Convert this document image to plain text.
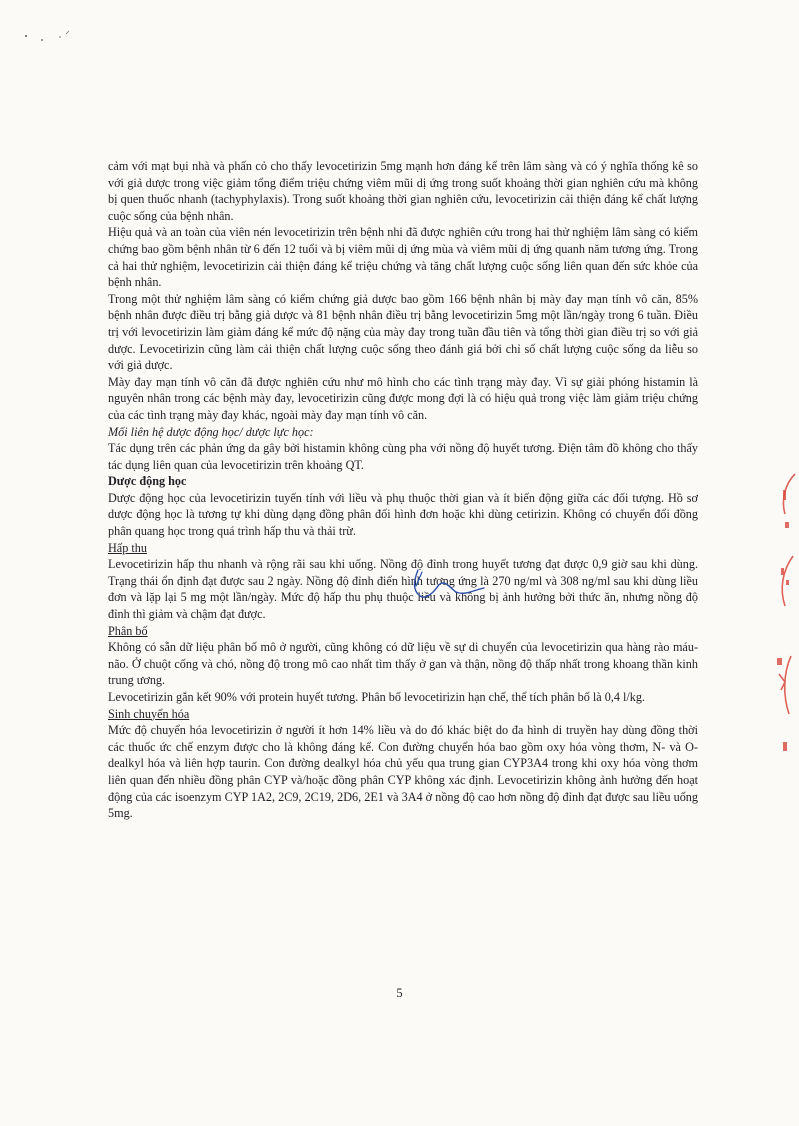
cảm với mạt bụi nhà và phấn cỏ cho thấy levocetirizin 5mg mạnh hơn đáng kể trên lâm sàng và có ý nghĩa thống kê so với giả dược trong việc giảm tổng điểm triệu chứng viêm mũi dị ứng trong suốt khoảng thời gian nghiên cứu mà không bị quen thuốc nhanh (tachyphylaxis). Trong suốt khoảng thời gian nghiên cứu, levocetirizin cải thiện đáng kể chất lượng cuộc sống của bệnh nhân.

Hiệu quả và an toàn của viên nén levocetirizin trên bệnh nhi đã được nghiên cứu trong hai thử nghiệm lâm sàng có kiểm chứng bao gồm bệnh nhân từ 6 đến 12 tuổi và bị viêm mũi dị ứng mùa và viêm mũi dị ứng quanh năm tương ứng. Trong cả hai thử nghiệm, levocetirizin cải thiện đáng kể triệu chứng và tăng chất lượng cuộc sống liên quan đến sức khỏe của bệnh nhân.

Trong một thử nghiệm lâm sàng có kiểm chứng giả dược bao gồm 166 bệnh nhân bị mày đay mạn tính vô căn, 85% bệnh nhân được điều trị bằng giả dược và 81 bệnh nhân điều trị bằng levocetirizin 5mg một lần/ngày trong 6 tuần. Điều trị với levocetirizin làm giảm đáng kể mức độ nặng của mày đay trong tuần đầu tiên và tổng thời gian điều trị so với giả dược. Levocetirizin cũng làm cải thiện chất lượng cuộc sống theo đánh giá bởi chỉ số chất lượng cuộc sống da liễu so với giả dược.

Mày đay mạn tính vô căn đã được nghiên cứu như mô hình cho các tình trạng mày đay. Vì sự giải phóng histamin là nguyên nhân trong các bệnh mày đay, levocetirizin cũng được mong đợi là có hiệu quả trong việc làm giảm triệu chứng của các tình trạng mày đay khác, ngoài mày đay mạn tính vô căn.

Mối liên hệ dược động học/ dược lực học:

Tác dụng trên các phản ứng da gây bởi histamin không cùng pha với nồng độ huyết tương. Điện tâm đồ không cho thấy tác dụng liên quan của levocetirizin trên khoảng QT.

Dược động học

Dược động học của levocetirizin tuyến tính với liều và phụ thuộc thời gian và ít biến động giữa các đối tượng. Hồ sơ dược động học là tương tự khi dùng dạng đồng phân đối hình đơn hoặc khi dùng cetirizin. Không có chuyển đổi đồng phân quang học trong quá trình hấp thu và thải trừ.

Hấp thu

Levocetirizin hấp thu nhanh và rộng rãi sau khi uống. Nồng độ đỉnh trong huyết tương đạt được 0,9 giờ sau khi dùng. Trạng thái ổn định đạt được sau 2 ngày. Nồng độ đỉnh điển hình tương ứng là 270 ng/ml và 308 ng/ml sau khi dùng liều đơn và lặp lại 5 mg một lần/ngày. Mức độ hấp thu phụ thuộc liều và không bị ảnh hưởng bởi thức ăn, nhưng nồng độ đỉnh thì giảm và chậm đạt được.

Phân bố

Không có sẵn dữ liệu phân bố mô ở người, cũng không có dữ liệu về sự di chuyển của levocetirizin qua hàng rào máu-não. Ở chuột cống và chó, nồng độ trong mô cao nhất tìm thấy ở gan và thận, nồng độ thấp nhất trong khoang thần kinh trung ương.

Levocetirizin gắn kết 90% với protein huyết tương. Phân bố levocetirizin hạn chế, thể tích phân bố là 0,4 l/kg.

Sinh chuyển hóa

Mức độ chuyển hóa levocetirizin ở người ít hơn 14% liều và do đó khác biệt do đa hình di truyền hay dùng đồng thời các thuốc ức chế enzym được cho là không đáng kể. Con đường chuyển hóa bao gồm oxy hóa vòng thơm, N- và O-dealkyl hóa và liên hợp taurin. Con đường dealkyl hóa chủ yếu qua trung gian CYP3A4 trong khi oxy hóa vòng thơm liên quan đến nhiều đồng phân CYP và/hoặc đồng phân CYP không xác định. Levocetirizin không ảnh hưởng đến hoạt động của các isoenzym CYP 1A2, 2C9, 2C19, 2D6, 2E1 và 3A4 ở nồng độ cao hơn nồng độ đỉnh đạt được sau liều uống 5mg.

5
